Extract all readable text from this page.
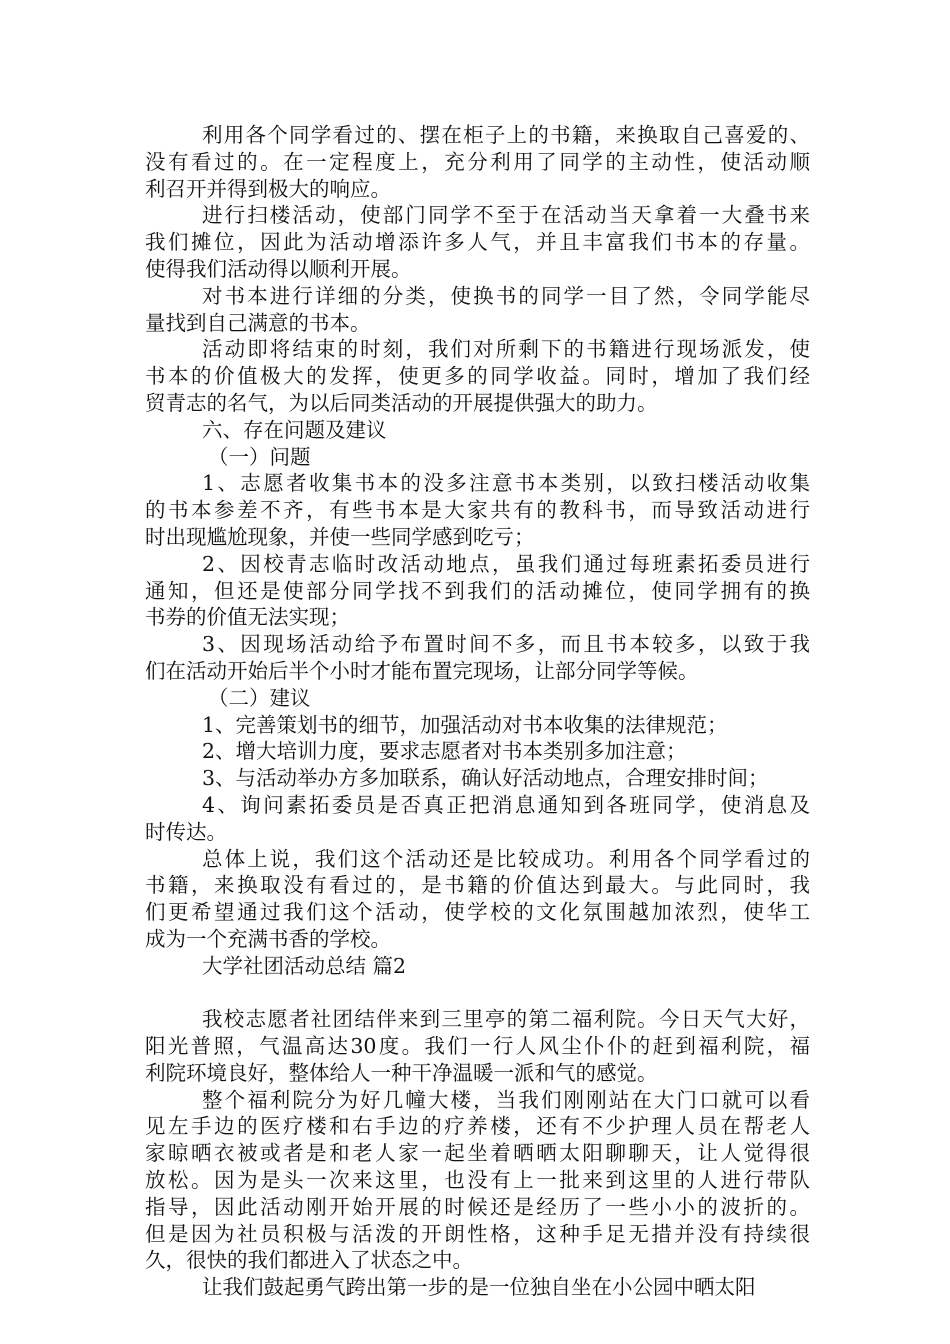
利用各个同学看过的、摆在柜子上的书籍，来换取自己喜爱的、
没有看过的。在一定程度上，充分利用了同学的主动性，使活动顺
利召开并得到极大的响应。
进行扫楼活动，使部门同学不至于在活动当天拿着一大叠书来
我们摊位，因此为活动增添许多人气，并且丰富我们书本的存量。
使得我们活动得以顺利开展。
对书本进行详细的分类，使换书的同学一目了然，令同学能尽
量找到自己满意的书本。
活动即将结束的时刻，我们对所剩下的书籍进行现场派发，使
书本的价值极大的发挥，使更多的同学收益。同时，增加了我们经
贸青志的名气，为以后同类活动的开展提供强大的助力。
六、存在问题及建议
（一）问题
1、志愿者收集书本的没多注意书本类别，以致扫楼活动收集
的书本参差不齐，有些书本是大家共有的教科书，而导致活动进行
时出现尴尬现象，并使一些同学感到吃亏；
2、因校青志临时改活动地点，虽我们通过每班素拓委员进行
通知，但还是使部分同学找不到我们的活动摊位，使同学拥有的换
书券的价值无法实现；
3、因现场活动给予布置时间不多，而且书本较多，以致于我
们在活动开始后半个小时才能布置完现场，让部分同学等候。
（二）建议
1、完善策划书的细节，加强活动对书本收集的法律规范；
2、增大培训力度，要求志愿者对书本类别多加注意；
3、与活动举办方多加联系，确认好活动地点，合理安排时间；
4、询问素拓委员是否真正把消息通知到各班同学，使消息及
时传达。
总体上说，我们这个活动还是比较成功。利用各个同学看过的
书籍，来换取没有看过的，是书籍的价值达到最大。与此同时，我
们更希望通过我们这个活动，使学校的文化氛围越加浓烈，使华工
成为一个充满书香的学校。
大学社团活动总结 篇2
我校志愿者社团结伴来到三里亭的第二福利院。今日天气大好，
阳光普照，气温高达30度。我们一行人风尘仆仆的赶到福利院，福
利院环境良好，整体给人一种干净温暖一派和气的感觉。
整个福利院分为好几幢大楼，当我们刚刚站在大门口就可以看
见左手边的医疗楼和右手边的疗养楼，还有不少护理人员在帮老人
家晾晒衣被或者是和老人家一起坐着晒晒太阳聊聊天，让人觉得很
放松。因为是头一次来这里，也没有上一批来到这里的人进行带队
指导，因此活动刚开始开展的时候还是经历了一些小小的波折的。
但是因为社员积极与活泼的开朗性格，这种手足无措并没有持续很
久，很快的我们都进入了状态之中。
让我们鼓起勇气跨出第一步的是一位独自坐在小公园中晒太阳
